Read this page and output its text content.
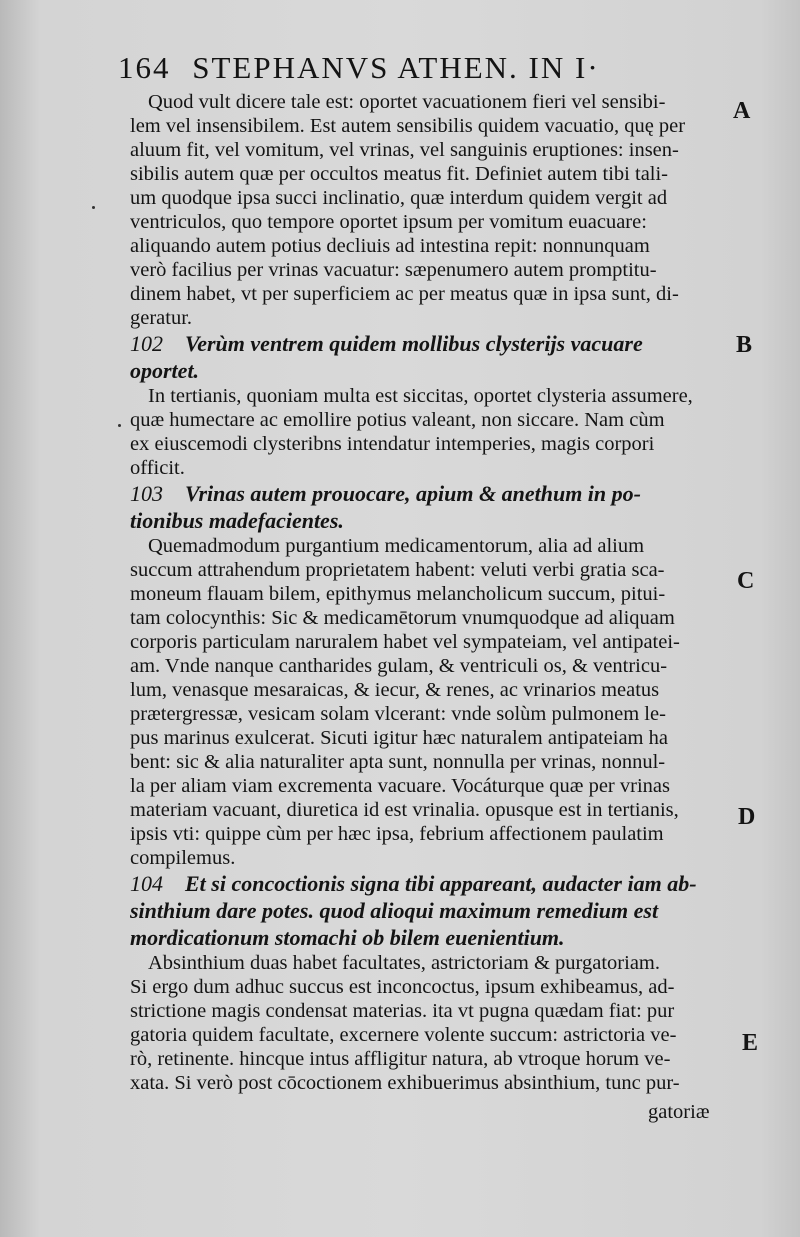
164 STEPHANVS ATHEN. IN I·
Quod vult dicere tale est: oportet vacuationem fieri vel sensibi-
lem vel insensibilem. Est autem sensibilis quidem vacuatio, quę per
aluum fit, vel vomitum, vel vrinas, vel sanguinis eruptiones: insen-
sibilis autem quæ per occultos meatus fit. Definiet autem tibi tali-
um quodque ipsa succi inclinatio, quæ interdum quidem vergit ad
ventriculos, quo tempore oportet ipsum per vomitum euacuare:
aliquando autem potius decliuis ad intestina repit: nonnunquam
verò facilius per vrinas vacuatur: sæpenumero autem promptitu-
dinem habet, vt per superficiem ac per meatus quæ in ipsa sunt, di-
geratur.
102 Verùm ventrem quidem mollibus clysterijs vacuare
oportet.
In tertianis, quoniam multa est siccitas, oportet clysteria assumere,
quæ humectare ac emollire potius valeant, non siccare. Nam cùm
ex eiuscemodi clysteribns intendatur intemperies, magis corpori
officit.
103 Vrinas autem prouocare, apium & anethum in po-
tionibus madefacientes.
Quemadmodum purgantium medicamentorum, alia ad alium
succum attrahendum proprietatem habent: veluti verbi gratia sca-
moneum flauam bilem, epithymus melancholicum succum, pitui-
tam colocynthis: Sic & medicamētorum vnumquodque ad aliquam
corporis particulam naruralem habet vel sympateiam, vel antipatei-
am. Vnde nanque cantharides gulam, & ventriculi os, & ventricu-
lum, venasque mesaraicas, & iecur, & renes, ac vrinarios meatus
prætergressæ, vesicam solam vlcerant: vnde solùm pulmonem le-
pus marinus exulcerat. Sicuti igitur hæc naturalem antipateiam ha
bent: sic & alia naturaliter apta sunt, nonnulla per vrinas, nonnul-
la per aliam viam excrementa vacuare. Vocáturque quæ per vrinas
materiam vacuant, diuretica id est vrinalia. opusque est in tertianis,
ipsis vti: quippe cùm per hæc ipsa, febrium affectionem paulatim
compilemus.
104 Et si concoctionis signa tibi appareant, audacter iam ab-
sinthium dare potes. quod alioqui maximum remedium est
mordicationum stomachi ob bilem euenientium.
Absinthium duas habet facultates, astrictoriam & purgatoriam.
Si ergo dum adhuc succus est inconcoctus, ipsum exhibeamus, ad-
strictione magis condensat materias. ita vt pugna quædam fiat: pur
gatoria quidem facultate, excernere volente succum: astrictoria ve-
rò, retinente. hincque intus affligitur natura, ab vtroque horum ve-
xata. Si verò post cōcoctionem exhibuerimus absinthium, tunc pur-
A
B
C
D
E
gatoriæ
